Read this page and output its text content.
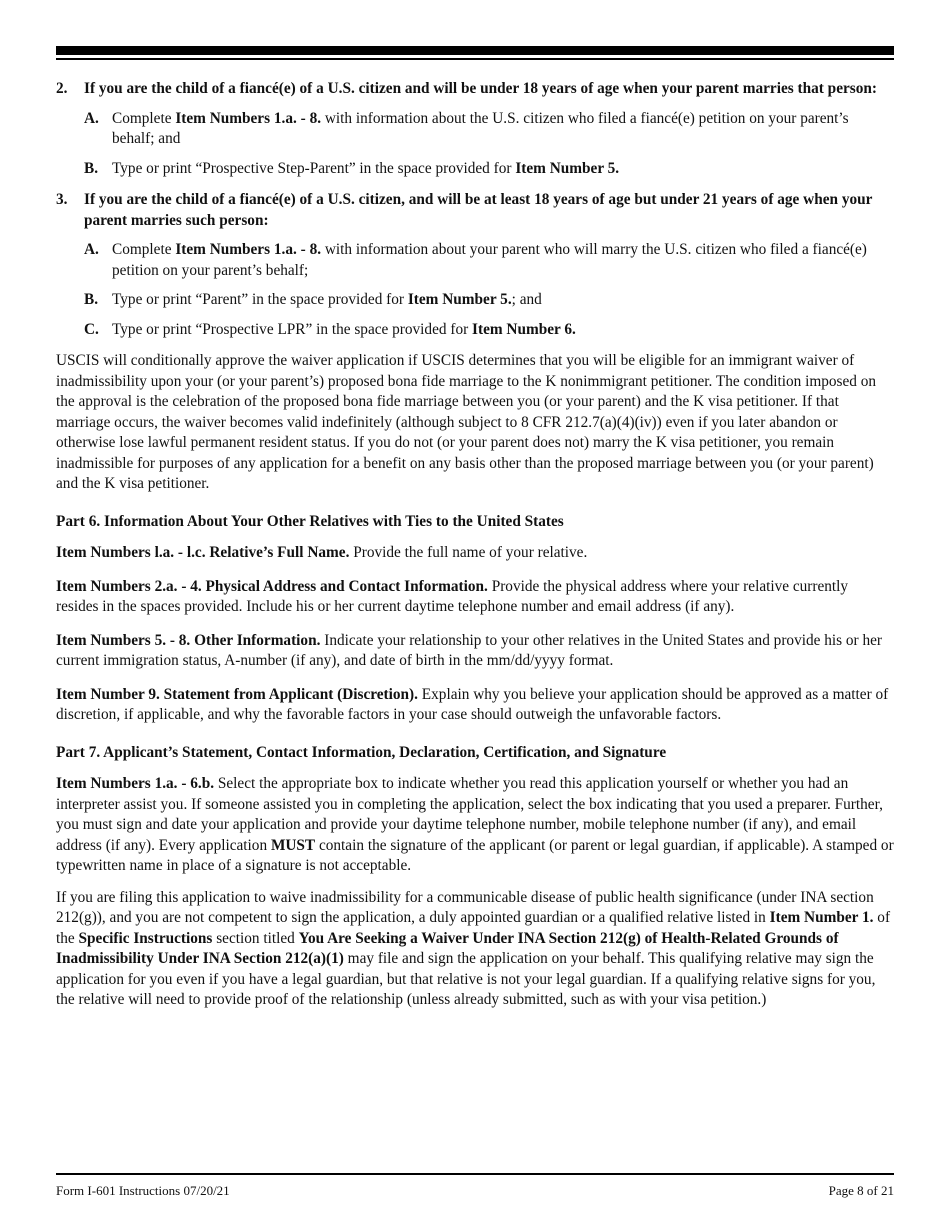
2.	If you are the child of a fiancé(e) of a U.S. citizen and will be under 18 years of age when your parent marries that person:
A. Complete Item Numbers 1.a. - 8. with information about the U.S. citizen who filed a fiancé(e) petition on your parent’s behalf; and
B. Type or print “Prospective Step-Parent” in the space provided for Item Number 5.
3.	If you are the child of a fiancé(e) of a U.S. citizen, and will be at least 18 years of age but under 21 years of age when your parent marries such person:
A. Complete Item Numbers 1.a. - 8. with information about your parent who will marry the U.S. citizen who filed a fiancé(e) petition on your parent’s behalf;
B. Type or print “Parent” in the space provided for Item Number 5.; and
C. Type or print “Prospective LPR” in the space provided for Item Number 6.

USCIS will conditionally approve the waiver application if USCIS determines that you will be eligible for an immigrant waiver of inadmissibility upon your (or your parent’s) proposed bona fide marriage to the K nonimmigrant petitioner. The condition imposed on the approval is the celebration of the proposed bona fide marriage between you (or your parent) and the K visa petitioner. If that marriage occurs, the waiver becomes valid indefinitely (although subject to 8 CFR 212.7(a)(4)(iv)) even if you later abandon or otherwise lose lawful permanent resident status. If you do not (or your parent does not) marry the K visa petitioner, you remain inadmissible for purposes of any application for a benefit on any basis other than the proposed marriage between you (or your parent) and the K visa petitioner.

Part 6. Information About Your Other Relatives with Ties to the United States

Item Numbers l.a. - l.c. Relative’s Full Name. Provide the full name of your relative.

Item Numbers 2.a. - 4. Physical Address and Contact Information. Provide the physical address where your relative currently resides in the spaces provided. Include his or her current daytime telephone number and email address (if any).

Item Numbers 5. - 8. Other Information. Indicate your relationship to your other relatives in the United States and provide his or her current immigration status, A-number (if any), and date of birth in the mm/dd/yyyy format.

Item Number 9. Statement from Applicant (Discretion). Explain why you believe your application should be approved as a matter of discretion, if applicable, and why the favorable factors in your case should outweigh the unfavorable factors.

Part 7. Applicant’s Statement, Contact Information, Declaration, Certification, and Signature

Item Numbers 1.a. - 6.b. Select the appropriate box to indicate whether you read this application yourself or whether you had an interpreter assist you. If someone assisted you in completing the application, select the box indicating that you used a preparer. Further, you must sign and date your application and provide your daytime telephone number, mobile telephone number (if any), and email address (if any). Every application MUST contain the signature of the applicant (or parent or legal guardian, if applicable). A stamped or typewritten name in place of a signature is not acceptable.

If you are filing this application to waive inadmissibility for a communicable disease of public health significance (under INA section 212(g)), and you are not competent to sign the application, a duly appointed guardian or a qualified relative listed in Item Number 1. of the Specific Instructions section titled You Are Seeking a Waiver Under INA Section 212(g) of Health-Related Grounds of Inadmissibility Under INA Section 212(a)(1) may file and sign the application on your behalf. This qualifying relative may sign the application for you even if you have a legal guardian, but that relative is not your legal guardian. If a qualifying relative signs for you, the relative will need to provide proof of the relationship (unless already submitted, such as with your visa petition.)

Form I-601 Instructions 07/20/21	Page 8 of 21
